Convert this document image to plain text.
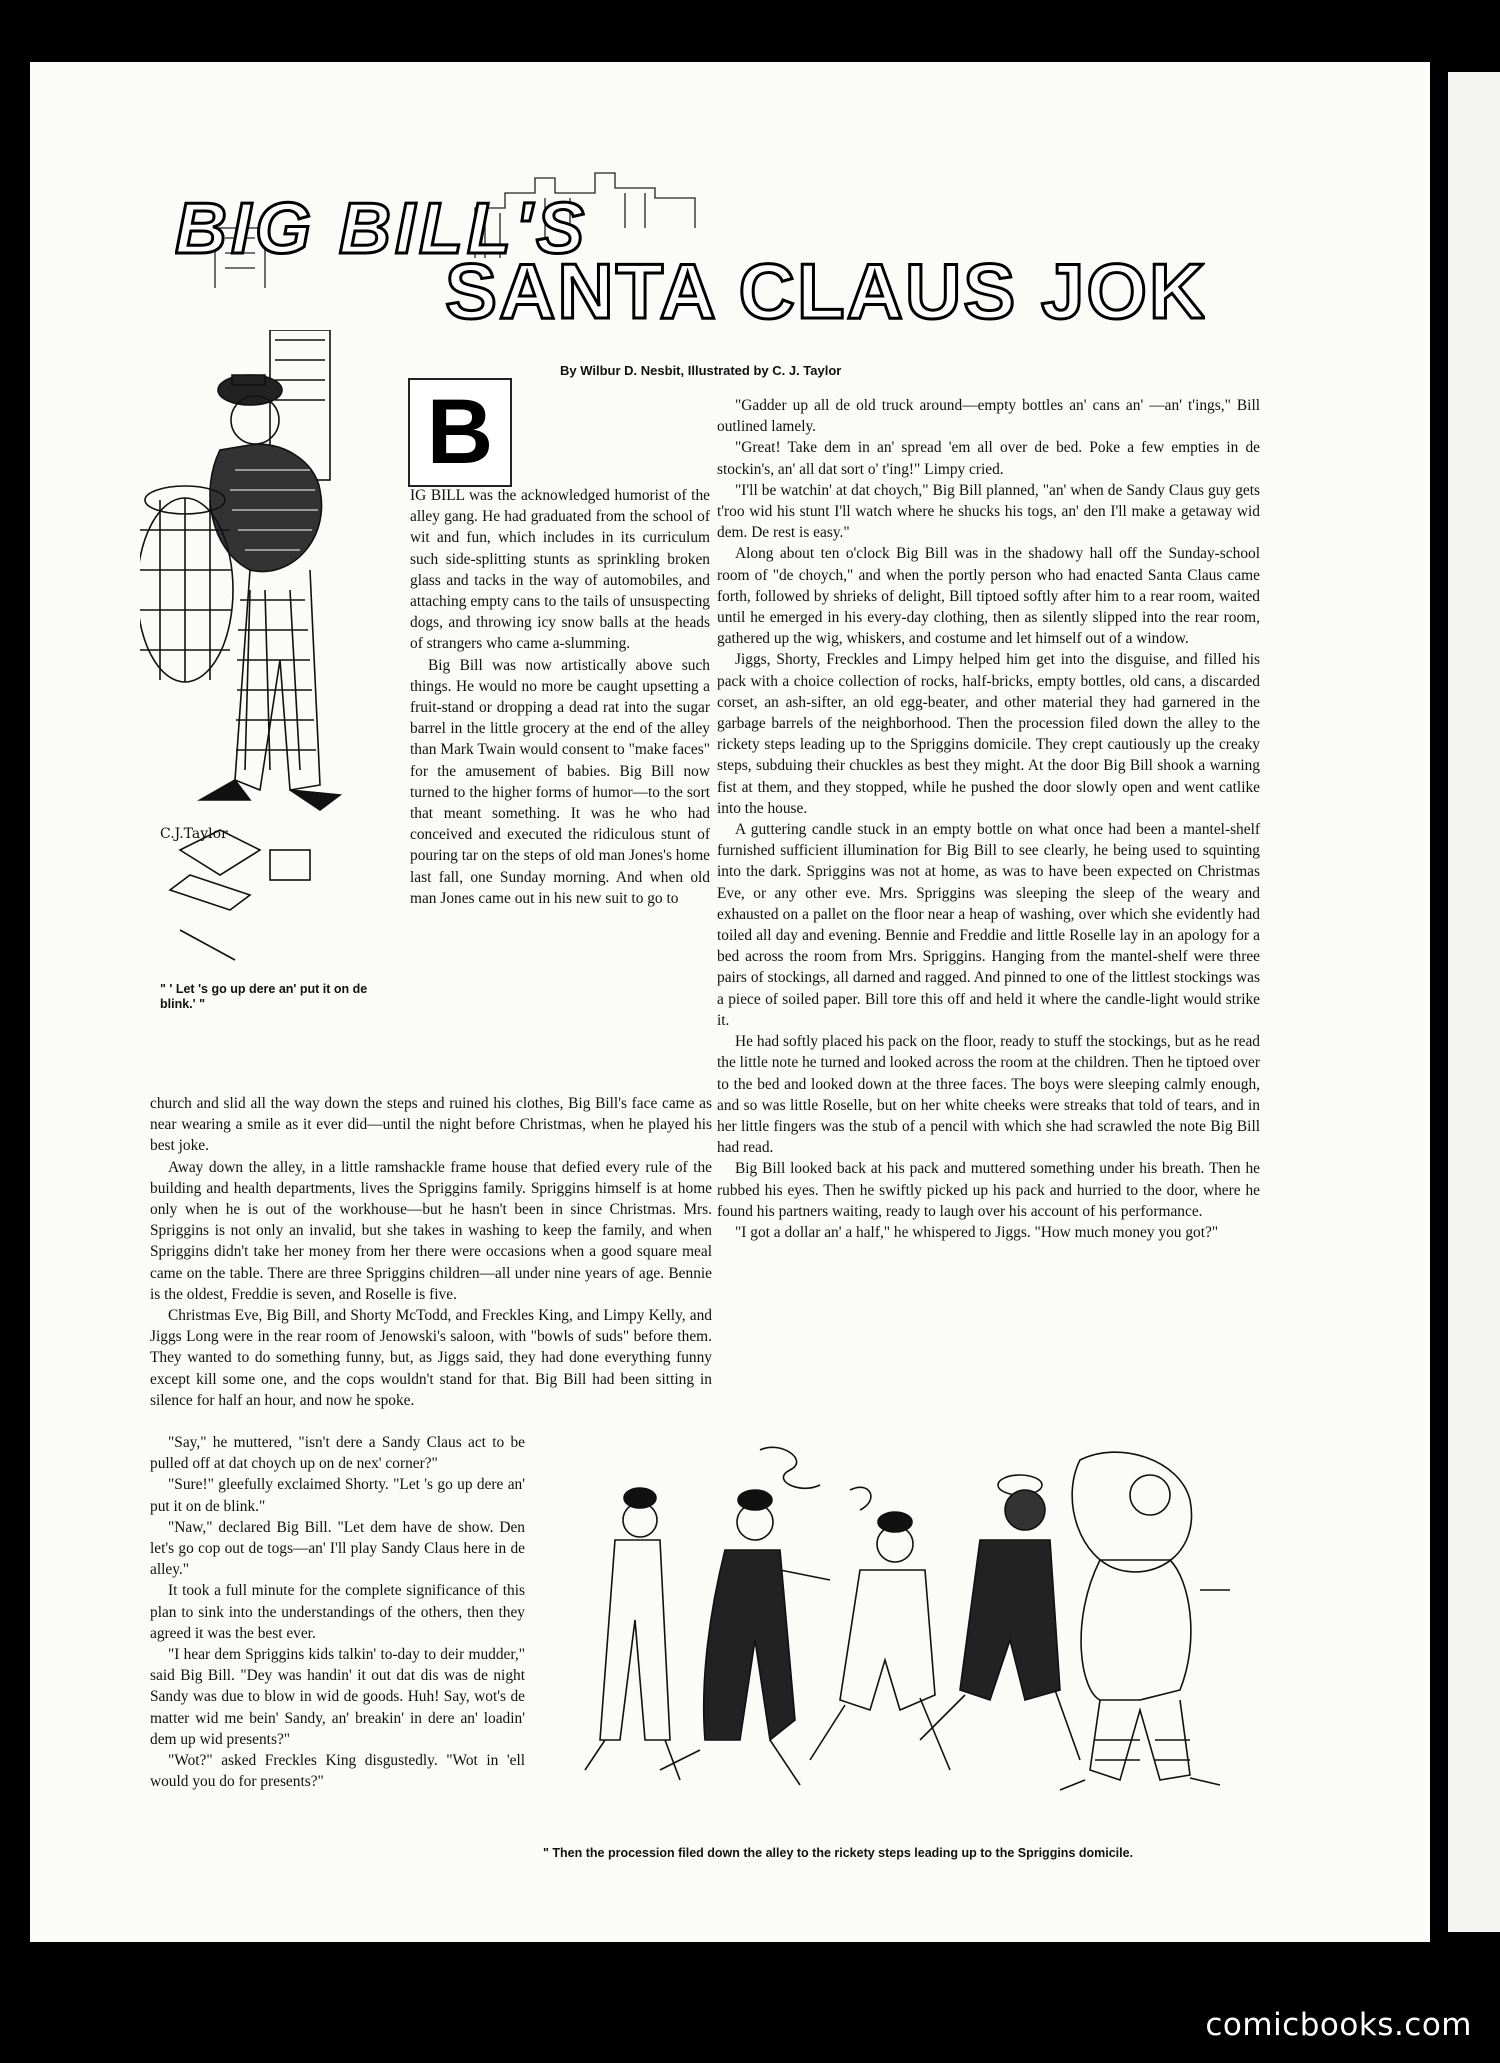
BIG BILL'S
SANTA CLAUS JOKE
By Wilbur D. Nesbit, Illustrated by C. J. Taylor
C.J.Taylor
B
" ' Let 's go up dere an' put it on de blink.' "

IG BILL was the acknowledged humorist of the alley gang. He had graduated from the school of wit and fun, which includes in its curriculum such side-splitting stunts as sprinkling broken glass and tacks in the way of automobiles, and attaching empty cans to the tails of unsuspecting dogs, and throwing icy snow balls at the heads of strangers who came a-slumming.

Big Bill was now artistically above such things. He would no more be caught upsetting a fruit-stand or dropping a dead rat into the sugar barrel in the little grocery at the end of the alley than Mark Twain would consent to "make faces" for the amusement of babies. Big Bill now turned to the higher forms of humor—to the sort that meant something. It was he who had conceived and executed the ridiculous stunt of pouring tar on the steps of old man Jones's home last fall, one Sunday morning. And when old man Jones came out in his new suit to go to

church and slid all the way down the steps and ruined his clothes, Big Bill's face came as near wearing a smile as it ever did—until the night before Christmas, when he played his best joke.

Away down the alley, in a little ramshackle frame house that defied every rule of the building and health departments, lives the Spriggins family. Spriggins himself is at home only when he is out of the workhouse—but he hasn't been in since Christmas. Mrs. Spriggins is not only an invalid, but she takes in washing to keep the family, and when Spriggins didn't take her money from her there were occasions when a good square meal came on the table. There are three Spriggins children—all under nine years of age. Bennie is the oldest, Freddie is seven, and Roselle is five.

Christmas Eve, Big Bill, and Shorty McTodd, and Freckles King, and Limpy Kelly, and Jiggs Long were in the rear room of Jenowski's saloon, with "bowls of suds" before them. They wanted to do something funny, but, as Jiggs said, they had done everything funny except kill some one, and the cops wouldn't stand for that. Big Bill had been sitting in silence for half an hour, and now he spoke.

"Say," he muttered, "isn't dere a Sandy Claus act to be pulled off at dat choych up on de nex' corner?"

"Sure!" gleefully exclaimed Shorty. "Let 's go up dere an' put it on de blink."

"Naw," declared Big Bill. "Let dem have de show. Den let's go cop out de togs—an' I'll play Sandy Claus here in de alley."

It took a full minute for the complete significance of this plan to sink into the understandings of the others, then they agreed it was the best ever.

"I hear dem Spriggins kids talkin' to-day to deir mudder," said Big Bill. "Dey was handin' it out dat dis was de night Sandy was due to blow in wid de goods. Huh! Say, wot's de matter wid me bein' Sandy, an' breakin' in dere an' loadin' dem up wid presents?"

"Wot?" asked Freckles King disgustedly. "Wot in 'ell would you do for presents?"

"Gadder up all de old truck around—empty bottles an' cans an' —an' t'ings," Bill outlined lamely.

"Great! Take dem in an' spread 'em all over de bed. Poke a few empties in de stockin's, an' all dat sort o' t'ing!" Limpy cried.

"I'll be watchin' at dat choych," Big Bill planned, "an' when de Sandy Claus guy gets t'roo wid his stunt I'll watch where he shucks his togs, an' den I'll make a getaway wid dem. De rest is easy."

Along about ten o'clock Big Bill was in the shadowy hall off the Sunday-school room of "de choych," and when the portly person who had enacted Santa Claus came forth, followed by shrieks of delight, Bill tiptoed softly after him to a rear room, waited until he emerged in his every-day clothing, then as silently slipped into the rear room, gathered up the wig, whiskers, and costume and let himself out of a window.

Jiggs, Shorty, Freckles and Limpy helped him get into the disguise, and filled his pack with a choice collection of rocks, half-bricks, empty bottles, old cans, a discarded corset, an ash-sifter, an old egg-beater, and other material they had garnered in the garbage barrels of the neighborhood. Then the procession filed down the alley to the rickety steps leading up to the Spriggins domicile. They crept cautiously up the creaky steps, subduing their chuckles as best they might. At the door Big Bill shook a warning fist at them, and they stopped, while he pushed the door slowly open and went catlike into the house.

A guttering candle stuck in an empty bottle on what once had been a mantel-shelf furnished sufficient illumination for Big Bill to see clearly, he being used to squinting into the dark. Spriggins was not at home, as was to have been expected on Christmas Eve, or any other eve. Mrs. Spriggins was sleeping the sleep of the weary and exhausted on a pallet on the floor near a heap of washing, over which she evidently had toiled all day and evening. Bennie and Freddie and little Roselle lay in an apology for a bed across the room from Mrs. Spriggins. Hanging from the mantel-shelf were three pairs of stockings, all darned and ragged. And pinned to one of the littlest stockings was a piece of soiled paper. Bill tore this off and held it where the candle-light would strike it.

He had softly placed his pack on the floor, ready to stuff the stockings, but as he read the little note he turned and looked across the room at the children. Then he tiptoed over to the bed and looked down at the three faces. The boys were sleeping calmly enough, and so was little Roselle, but on her white cheeks were streaks that told of tears, and in her little fingers was the stub of a pencil with which she had scrawled the note Big Bill had read.

Big Bill looked back at his pack and muttered something under his breath. Then he rubbed his eyes. Then he swiftly picked up his pack and hurried to the door, where he found his partners waiting, ready to laugh over his account of his performance.

"I got a dollar an' a half," he whispered to Jiggs. "How much money you got?"

" Then the procession filed down the alley to the rickety steps leading up to the Spriggins domicile.
comicbooks.com
